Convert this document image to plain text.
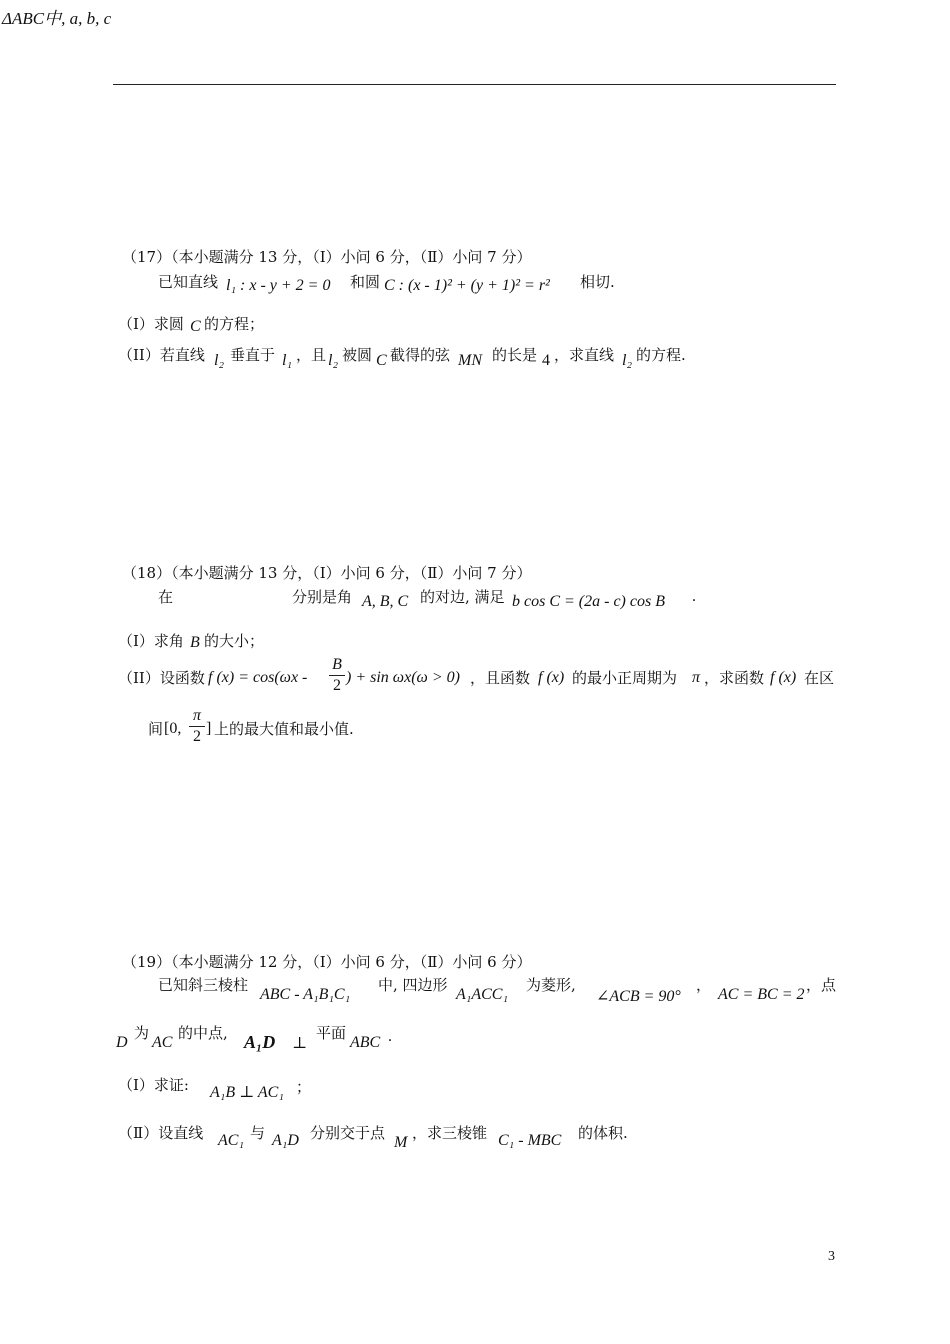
ΔABC中, a, b, c
（17）（本小题满分 13 分，（Ⅰ）小问 6 分，（Ⅱ）小问 7 分）
已知直线 l₁ : x - y + 2 = 0 和圆 C : (x - 1)² + (y + 1)² = r² 相切.
（I）求圆 C 的方程；
（II）若直线 l₂ 垂直于 l₁ ，且 l₂ 被圆 C 截得的弦 MN 的长是 4 ，求直线 l₂ 的方程.
（18）（本小题满分 13 分，（Ⅰ）小问 6 分，（Ⅱ）小问 7 分）
在	分别是角 A, B, C 的对边, 满足 b cos C = (2a - c) cos B .
（I）求角 B 的大小；
（II）设函数 f (x) = cos(ωx -
B
2 ) + sin ωx(ω > 0) ，且函数 f (x) 的最小正周期为 π ，求函数 f (x) 在区
间 [0,
π
2 ] 上的最大值和最小值.
（19）（本小题满分 12 分，（Ⅰ）小问 6 分，（Ⅱ）小问 6 分）
已知斜三棱柱
ABC - A₁B₁C₁
中, 四边形
A₁ACC₁
为菱形,
∠ACB = 90°
，
AC = BC = 2
，点
D
为
AC
的中点, A₁D ⊥
平面
ABC .
（Ⅰ）求证: A₁B ⊥ AC₁ ；
（Ⅱ）设直线 AC₁ 与 A₁D 分别交于点
M
，求三棱锥 C₁ - MBC 的体积.
3
